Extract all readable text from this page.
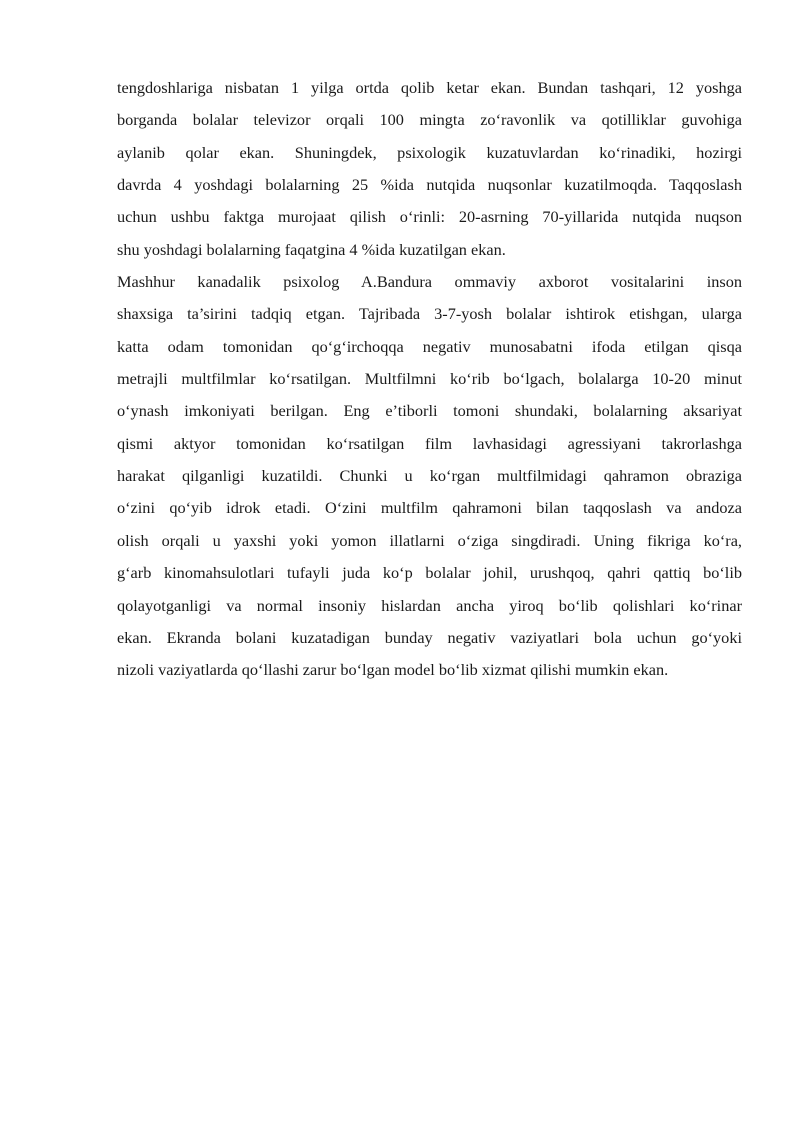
tengdoshlariga nisbatan 1 yilga ortda qolib ketar ekan. Bundan tashqari, 12 yoshga
borganda bolalar televizor orqali 100 mingta zo‘ravonlik va qotilliklar guvohiga
aylanib qolar ekan. Shuningdek, psixologik kuzatuvlardan ko‘rinadiki, hozirgi
davrda 4 yoshdagi bolalarning 25 %ida nutqida nuqsonlar kuzatilmoqda. Taqqoslash
uchun ushbu faktga murojaat qilish o‘rinli: 20-asrning 70-yillarida nutqida nuqson
shu yoshdagi bolalarning faqatgina 4 %ida kuzatilgan ekan.
Mashhur kanadalik psixolog A.Bandura ommaviy axborot vositalarini inson
shaxsiga ta’sirini tadqiq etgan. Tajribada 3-7-yosh bolalar ishtirok etishgan, ularga
katta odam tomonidan qo‘g‘irchoqqa negativ munosabatni ifoda etilgan qisqa
metrajli multfilmlar ko‘rsatilgan. Multfilmni ko‘rib bo‘lgach, bolalarga 10-20 minut
o‘ynash imkoniyati berilgan. Eng e’tiborli tomoni shundaki, bolalarning aksariyat
qismi aktyor tomonidan ko‘rsatilgan film lavhasidagi agressiyani takrorlashga
harakat qilganligi kuzatildi. Chunki u ko‘rgan multfilmidagi qahramon obraziga
o‘zini qo‘yib idrok etadi. O‘zini multfilm qahramoni bilan taqqoslash va andoza
olish orqali u yaxshi yoki yomon illatlarni o‘ziga singdiradi. Uning fikriga ko‘ra,
g‘arb kinomahsulotlari tufayli juda ko‘p bolalar johil, urushqoq, qahri qattiq bo‘lib
qolayotganligi va normal insoniy hislardan ancha yiroq bo‘lib qolishlari ko‘rinar
ekan. Ekranda bolani kuzatadigan bunday negativ vaziyatlari bola uchun go‘yoki
nizoli vaziyatlarda qo‘llashi zarur bo‘lgan model bo‘lib xizmat qilishi mumkin ekan.
